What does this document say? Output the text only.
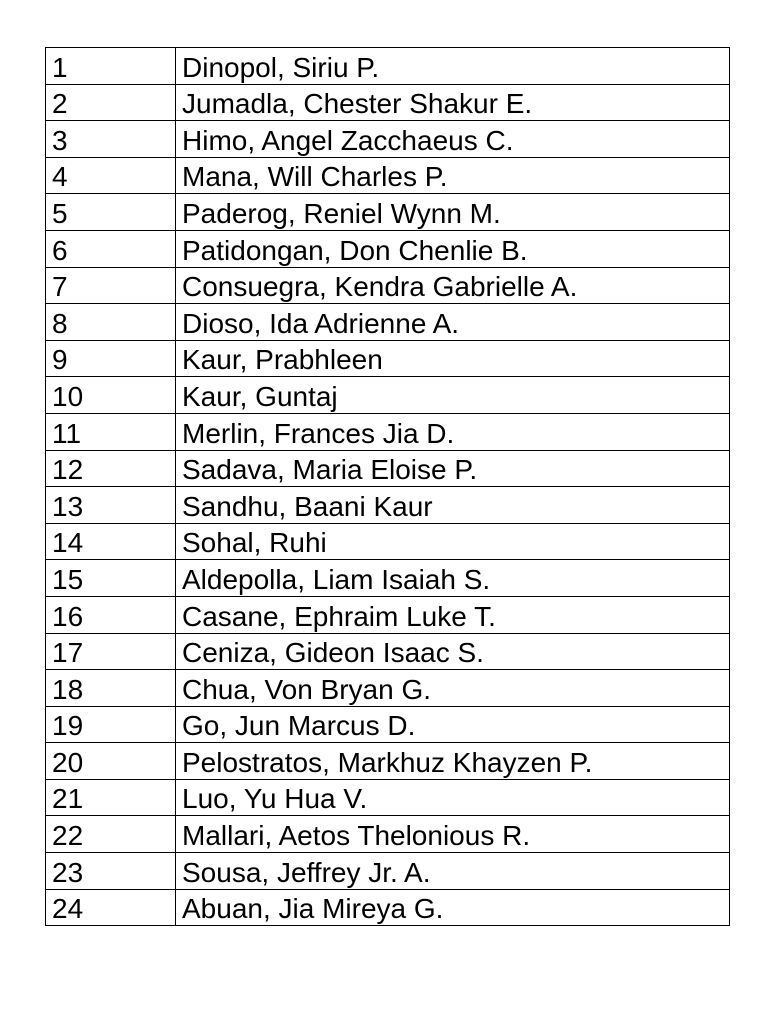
1	Dinopol, Siriu P.
2	Jumadla, Chester Shakur E.
3	Himo, Angel Zacchaeus C.
4	Mana, Will Charles P.
5	Paderog, Reniel Wynn M.
6	Patidongan, Don Chenlie B.
7	Consuegra, Kendra Gabrielle A.
8	Dioso, Ida Adrienne A.
9	Kaur, Prabhleen
10	Kaur, Guntaj
11	Merlin, Frances Jia D.
12	Sadava, Maria Eloise P.
13	Sandhu, Baani Kaur
14	Sohal, Ruhi
15	Aldepolla, Liam Isaiah S.
16	Casane, Ephraim Luke T.
17	Ceniza, Gideon Isaac S.
18	Chua, Von Bryan G.
19	Go, Jun Marcus D.
20	Pelostratos, Markhuz Khayzen P.
21	Luo, Yu Hua V.
22	Mallari, Aetos Thelonious R.
23	Sousa, Jeffrey Jr. A.
24	Abuan, Jia Mireya G.
